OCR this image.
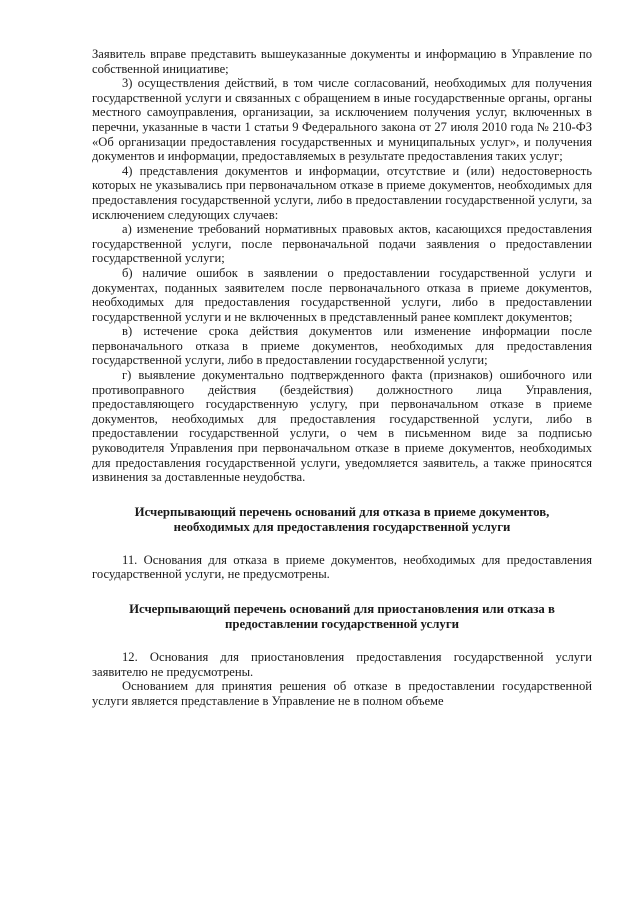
Заявитель вправе представить вышеуказанные документы и информацию в Управление по собственной инициативе;

3) осуществления действий, в том числе согласований, необходимых для получения государственной услуги и связанных с обращением в иные государственные органы, органы местного самоуправления, организации, за исключением получения услуг, включенных в перечни, указанные в части 1 статьи 9 Федерального закона от 27 июля 2010 года № 210-ФЗ «Об организации предоставления государственных и муниципальных услуг», и получения документов и информации, предоставляемых в результате предоставления таких услуг;

4) представления документов и информации, отсутствие и (или) недостоверность которых не указывались при первоначальном отказе в приеме документов, необходимых для предоставления государственной услуги, либо в предоставлении государственной услуги, за исключением следующих случаев:

а) изменение требований нормативных правовых актов, касающихся предоставления государственной услуги, после первоначальной подачи заявления о предоставлении государственной услуги;

б) наличие ошибок в заявлении о предоставлении государственной услуги и документах, поданных заявителем после первоначального отказа в приеме документов, необходимых для предоставления государственной услуги, либо в предоставлении государственной услуги и не включенных в представленный ранее комплект документов;

в) истечение срока действия документов или изменение информации после первоначального отказа в приеме документов, необходимых для предоставления государственной услуги, либо в предоставлении государственной услуги;

г) выявление документально подтвержденного факта (признаков) ошибочного или противоправного действия (бездействия) должностного лица Управления, предоставляющего государственную услугу, при первоначальном отказе в приеме документов, необходимых для предоставления государственной услуги, либо в предоставлении государственной услуги, о чем в письменном виде за подписью руководителя Управления при первоначальном отказе в приеме документов, необходимых для предоставления государственной услуги, уведомляется заявитель, а также приносятся извинения за доставленные неудобства.

Исчерпывающий перечень оснований для отказа в приеме документов, необходимых для предоставления государственной услуги

11. Основания для отказа в приеме документов, необходимых для предоставления государственной услуги, не предусмотрены.

Исчерпывающий перечень оснований для приостановления или отказа в предоставлении государственной услуги

12. Основания для приостановления предоставления государственной услуги заявителю не предусмотрены.

Основанием для принятия решения об отказе в предоставлении государственной услуги является представление в Управление не в полном объеме
